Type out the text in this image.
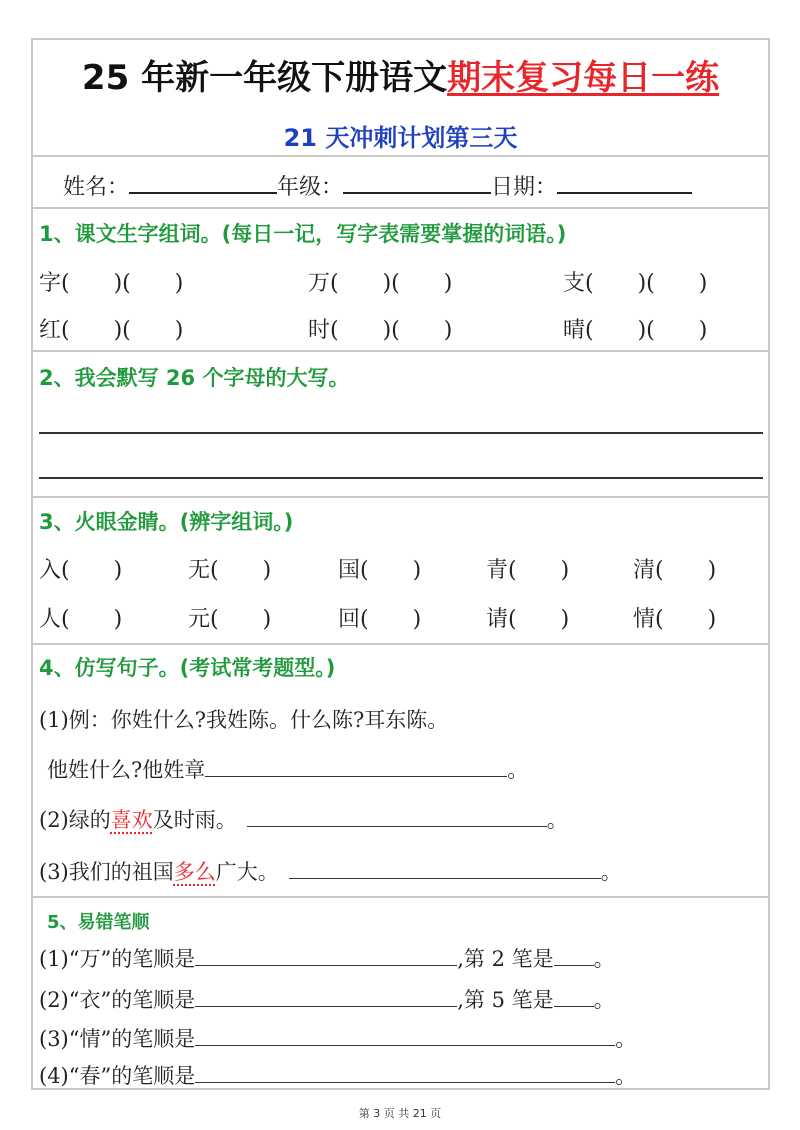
25 年新一年级下册语文期末复习每日一练
21 天冲刺计划第三天
姓名：	年级：	日期：
1、课文生字组词。(每日一记，写字表需要掌握的词语。)
字(　　)(　　)	万(　　)(　　)	支(　　)(　　)
红(　　)(　　)	时(　　)(　　)	晴(　　)(　　)
2、我会默写 26 个字母的大写。
3、火眼金睛。(辨字组词。)
入(　　)	无(　　)	国(　　)	青(　　)	清(　　)
人(　　)	元(　　)	回(　　)	请(　　)	情(　　)
4、仿写句子。(考试常考题型。)
(1)例：你姓什么?我姓陈。什么陈?耳东陈。
他姓什么?他姓章	。
(2)绿的喜欢及时雨。	。
(3)我们的祖国多么广大。	。
5、易错笔顺
(1)“万”的笔顺是	,第 2 笔是 。
(2)“衣”的笔顺是	,第 5 笔是 。
(3)“情”的笔顺是	。
(4)“春”的笔顺是	。
第 3 页 共 21 页
